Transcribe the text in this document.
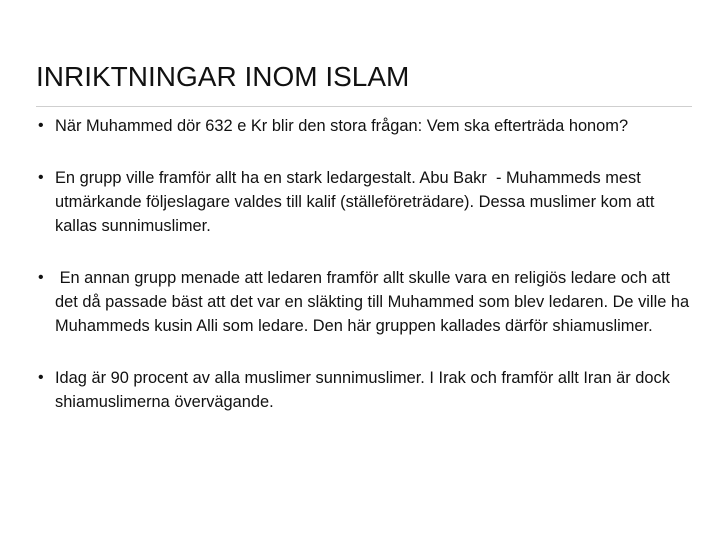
INRIKTNINGAR INOM ISLAM
• När Muhammed dör 632 e Kr blir den stora frågan: Vem ska efterträda honom?
• En grupp ville framför allt ha en stark ledargestalt. Abu Bakr  - Muhammeds mest utmärkande följeslagare valdes till kalif (ställeföreträdare). Dessa muslimer kom att kallas sunnimuslimer.
• En annan grupp menade att ledaren framför allt skulle vara en religiös ledare och att det då passade bäst att det var en släkting till Muhammed som blev ledaren. De ville ha Muhammeds kusin Alli som ledare. Den här gruppen kallades därför shiamuslimer.
• Idag är 90 procent av alla muslimer sunnimuslimer. I Irak och framför allt Iran är dock shiamuslimerna övervägande.
